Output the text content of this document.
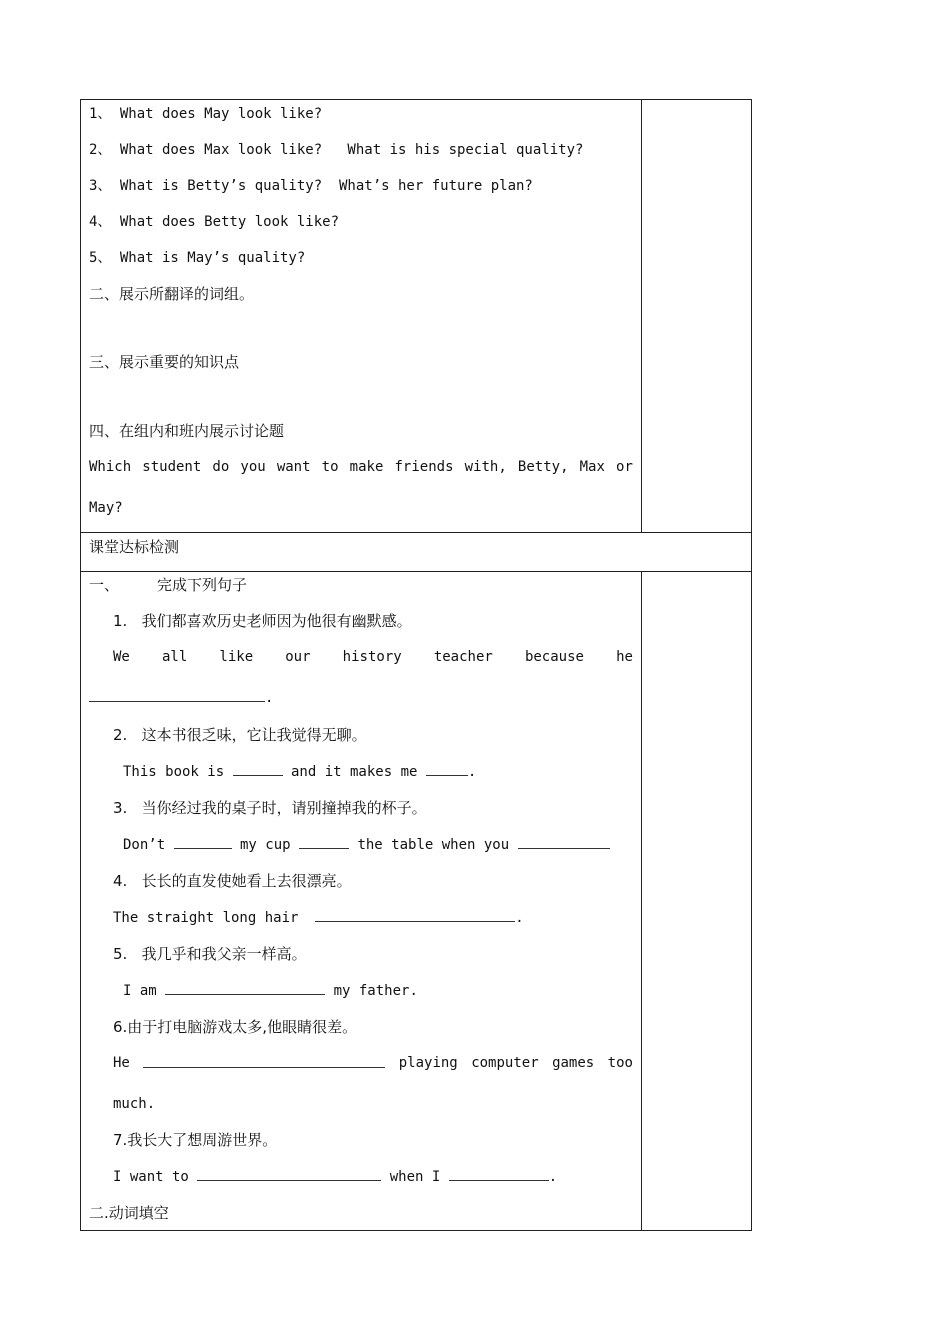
1、 What does May look like?
2、 What does Max look like?   What is his special quality?
3、 What is Betty’s quality?  What’s her future plan?
4、 What does Betty look like?
5、 What is May’s quality?
二、展示所翻译的词组。
三、展示重要的知识点
四、在组内和班内展示讨论题
Which student do you want to make friends with, Betty, Max or
May?
课堂达标检测
一、	完成下列句子
1.   我们都喜欢历史老师因为他很有幽默感。
We all like our history teacher because he
.
2.   这本书很乏味，它让我觉得无聊。
This book is	and it makes me	.
3.   当你经过我的桌子时，请别撞掉我的杯子。
Don’t	my cup	the table when you
4.   长长的直发使她看上去很漂亮。
The straight long hair	.
5.   我几乎和我父亲一样高。
I am	my father.
6.由于打电脑游戏太多,他眼睛很差。
He	playing computer games too
much.
7.我长大了想周游世界。
I want to	when I	.
二.动词填空
